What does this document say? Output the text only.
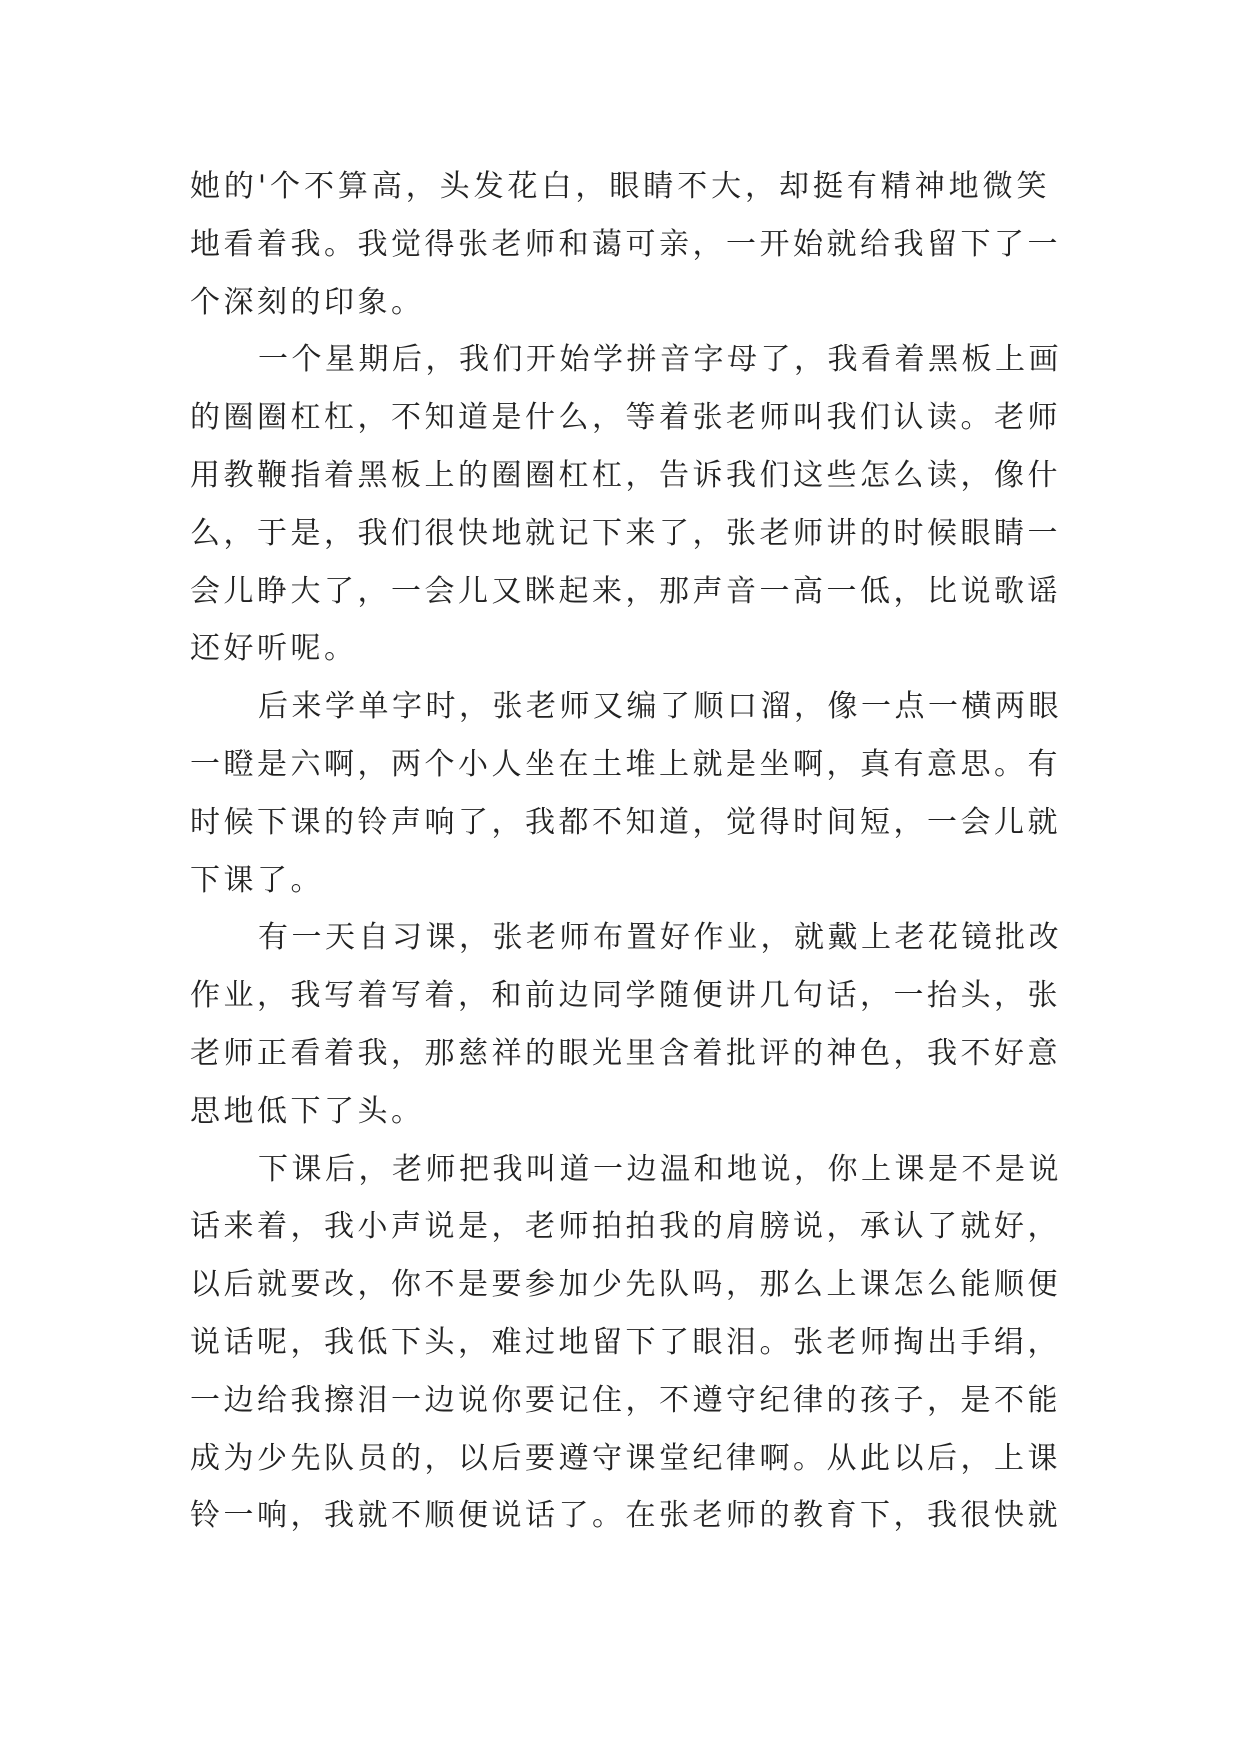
她的'个不算高，头发花白，眼睛不大，却挺有精神地微笑
地看着我。我觉得张老师和蔼可亲，一开始就给我留下了一
个深刻的印象。
一个星期后，我们开始学拼音字母了，我看着黑板上画
的圈圈杠杠，不知道是什么，等着张老师叫我们认读。老师
用教鞭指着黑板上的圈圈杠杠，告诉我们这些怎么读，像什
么，于是，我们很快地就记下来了，张老师讲的时候眼睛一
会儿睁大了，一会儿又眯起来，那声音一高一低，比说歌谣
还好听呢。
后来学单字时，张老师又编了顺口溜，像一点一横两眼
一瞪是六啊，两个小人坐在土堆上就是坐啊，真有意思。有
时候下课的铃声响了，我都不知道，觉得时间短，一会儿就
下课了。
有一天自习课，张老师布置好作业，就戴上老花镜批改
作业，我写着写着，和前边同学随便讲几句话，一抬头，张
老师正看着我，那慈祥的眼光里含着批评的神色，我不好意
思地低下了头。
下课后，老师把我叫道一边温和地说，你上课是不是说
话来着，我小声说是，老师拍拍我的肩膀说，承认了就好，
以后就要改，你不是要参加少先队吗，那么上课怎么能顺便
说话呢，我低下头，难过地留下了眼泪。张老师掏出手绢，
一边给我擦泪一边说你要记住，不遵守纪律的孩子，是不能
成为少先队员的，以后要遵守课堂纪律啊。从此以后，上课
铃一响，我就不顺便说话了。在张老师的教育下，我很快就
